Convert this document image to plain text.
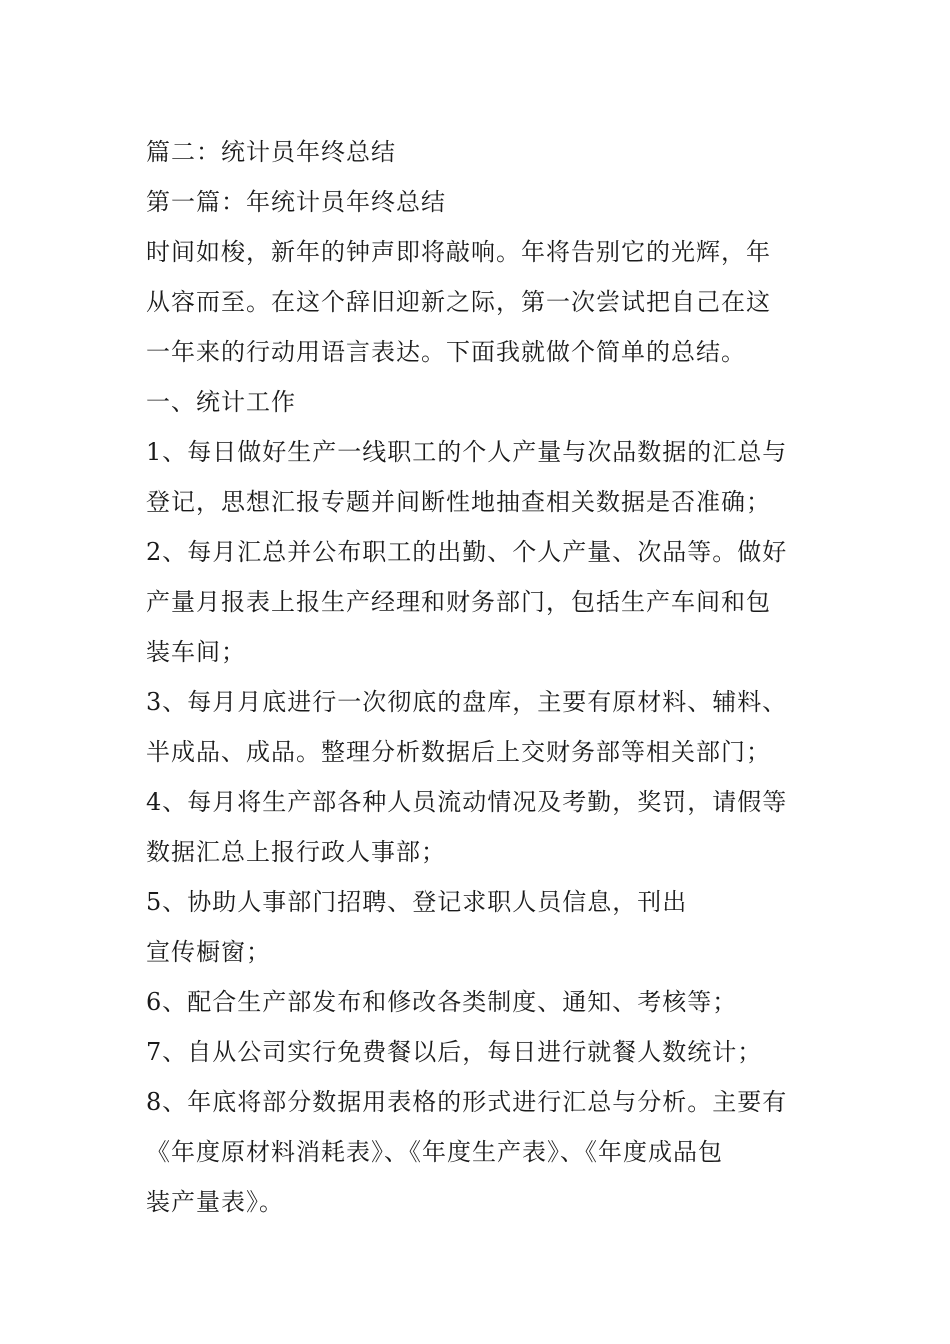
篇二：统计员年终总结
第一篇：年统计员年终总结
时间如梭，新年的钟声即将敲响。年将告别它的光辉，年
从容而至。在这个辞旧迎新之际，第一次尝试把自己在这
一年来的行动用语言表达。下面我就做个简单的总结。
一、统计工作
1、每日做好生产一线职工的个人产量与次品数据的汇总与
登记，思想汇报专题并间断性地抽查相关数据是否准确；
2、每月汇总并公布职工的出勤、个人产量、次品等。做好
产量月报表上报生产经理和财务部门，包括生产车间和包
装车间；
3、每月月底进行一次彻底的盘库，主要有原材料、辅料、
半成品、成品。整理分析数据后上交财务部等相关部门；
4、每月将生产部各种人员流动情况及考勤，奖罚，请假等
数据汇总上报行政人事部；
5、协助人事部门招聘、登记求职人员信息，刊出
宣传橱窗；
6、配合生产部发布和修改各类制度、通知、考核等；
7、自从公司实行免费餐以后，每日进行就餐人数统计；
8、年底将部分数据用表格的形式进行汇总与分析。主要有
《年度原材料消耗表》、《年度生产表》、《年度成品包
装产量表》。
